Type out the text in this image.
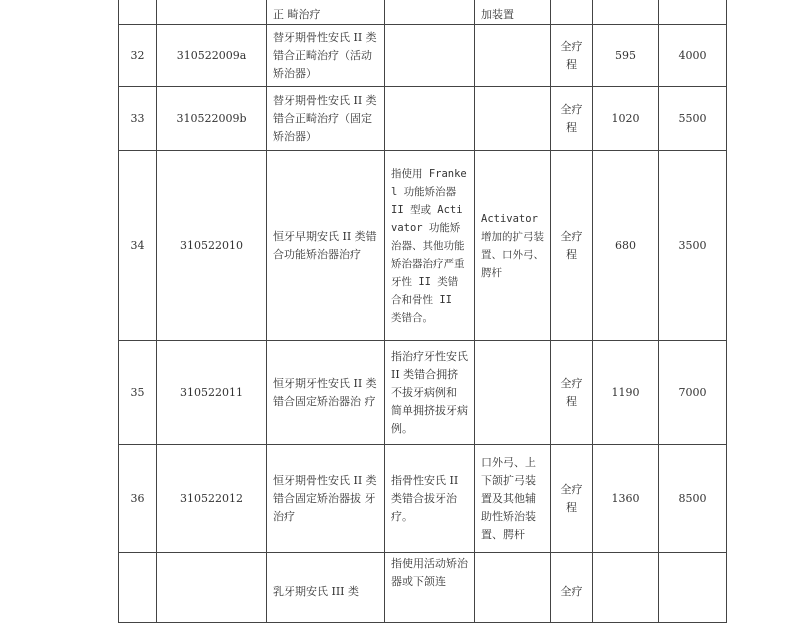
		正 畸治疗		加装置			
32	310522009a	替牙期骨性安氏 II 类错合正畸治疗（活动矫治器）			全疗程	595	4000
33	310522009b	替牙期骨性安氏 II 类错合正畸治疗（固定矫治器）			全疗程	1020	5500
34	310522010	恒牙早期安氏 II 类错合功能矫治器治疗	指使用 Frankel 功能矫治器 II 型或 Activator 功能矫治器、其他功能矫治器治疗严重牙性 II 类错合和骨性 II 类错合。	Activator 增加的扩弓装置、口外弓、腭杆	全疗程	680	3500
35	310522011	恒牙期牙性安氏 II 类错合固定矫治器治 疗	指治疗牙性安氏 II 类错合拥挤不拔牙病例和 简单拥挤拔牙病例。		全疗程	1190	7000
36	310522012	恒牙期骨性安氏 II 类错合固定矫治器拔 牙治疗	指骨性安氏 II 类错合拔牙治疗。	口外弓、上下颌扩弓装置及其他辅助性矫治装置、腭杆	全疗程	1360	8500
		乳牙期安氏 III 类	指使用活动矫治器或下颌连		全疗		
